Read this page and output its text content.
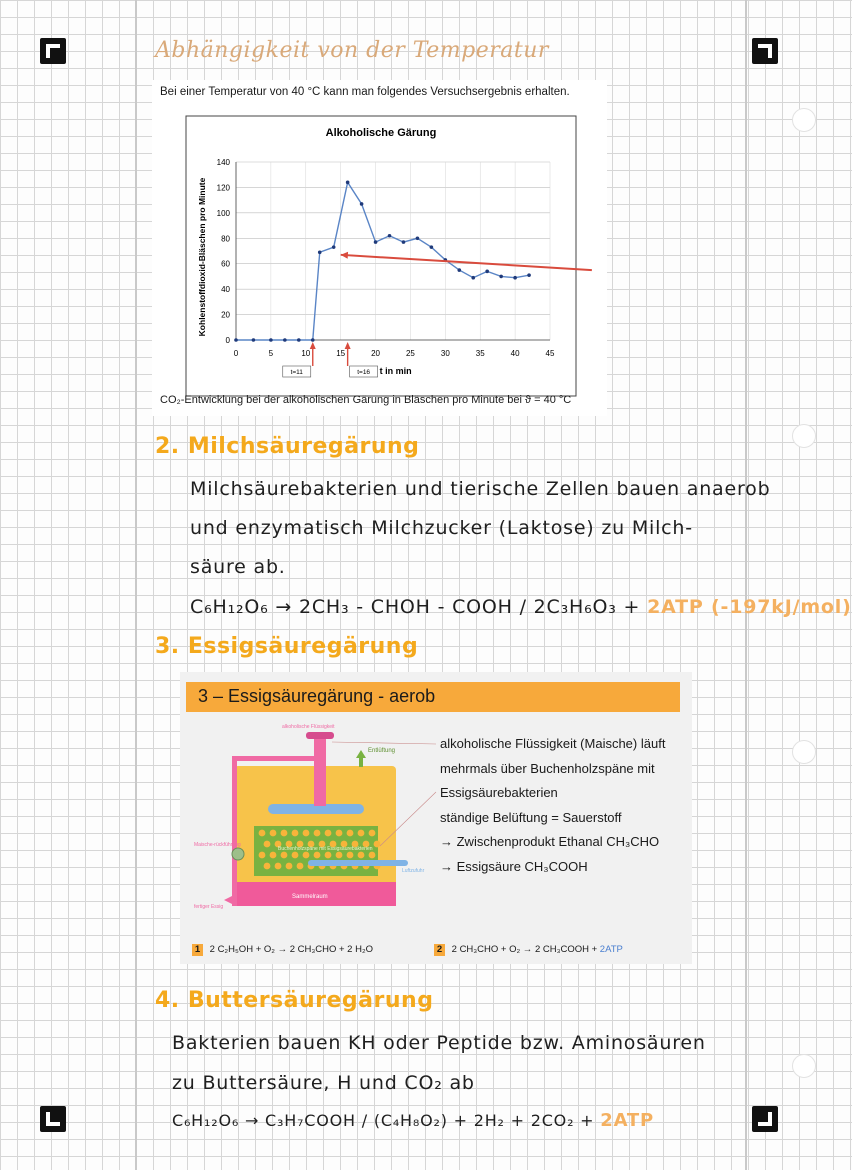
Abhängigkeit von der Temperatur
Bei einer Temperatur von 40 °C kann man folgendes Versuchsergebnis erhalten.
Alkoholische Gärung
Kohlenstoffdioxid-Bläschen pro Minute
0
20
40
60
80
100
120
140
0	5	10	15	20	25	30	35	40	45
t=11	t=16 t in min
CO₂-Entwicklung bei der alkoholischen Gärung in Bläschen pro Minute bei ϑ = 40 °C
2. Milchsäuregärung
Milchsäurebakterien und tierische Zellen bauen anaerob
und enzymatisch Milchzucker (Laktose) zu Milch-
säure ab.
C₆H₁₂O₆ → 2CH₃ - CHOH - COOH / 2C₃H₆O₃ + 2ATP (-197kJ/mol)
3. Essigsäuregärung
3 – Essigsäuregärung - aerob
Sammelraum
Buchenholzspäne mit Essigsäurebakterien
alkoholische Flüssigkeit
Maische-rückführung
Entlüftung
Luftzufuhr
fertiger Essig
alkoholische Flüssigkeit (Maische) läuft
mehrmals über Buchenholzspäne mit
Essigsäurebakterien
ständige Belüftung = Sauerstoff
→ Zwischenprodukt Ethanal CH₃CHO
→ Essigsäure CH₃COOH
1 2 C₂H₅OH + O₂ → 2 CH₃CHO + 2 H₂O	2 2 CH₃CHO + O₂ → 2 CH₃COOH + 2ATP
4. Buttersäuregärung
Bakterien bauen KH oder Peptide bzw. Aminosäuren
zu Buttersäure, H und CO₂ ab
C₆H₁₂O₆ → C₃H₇COOH / (C₄H₈O₂) + 2H₂ + 2CO₂ + 2ATP
